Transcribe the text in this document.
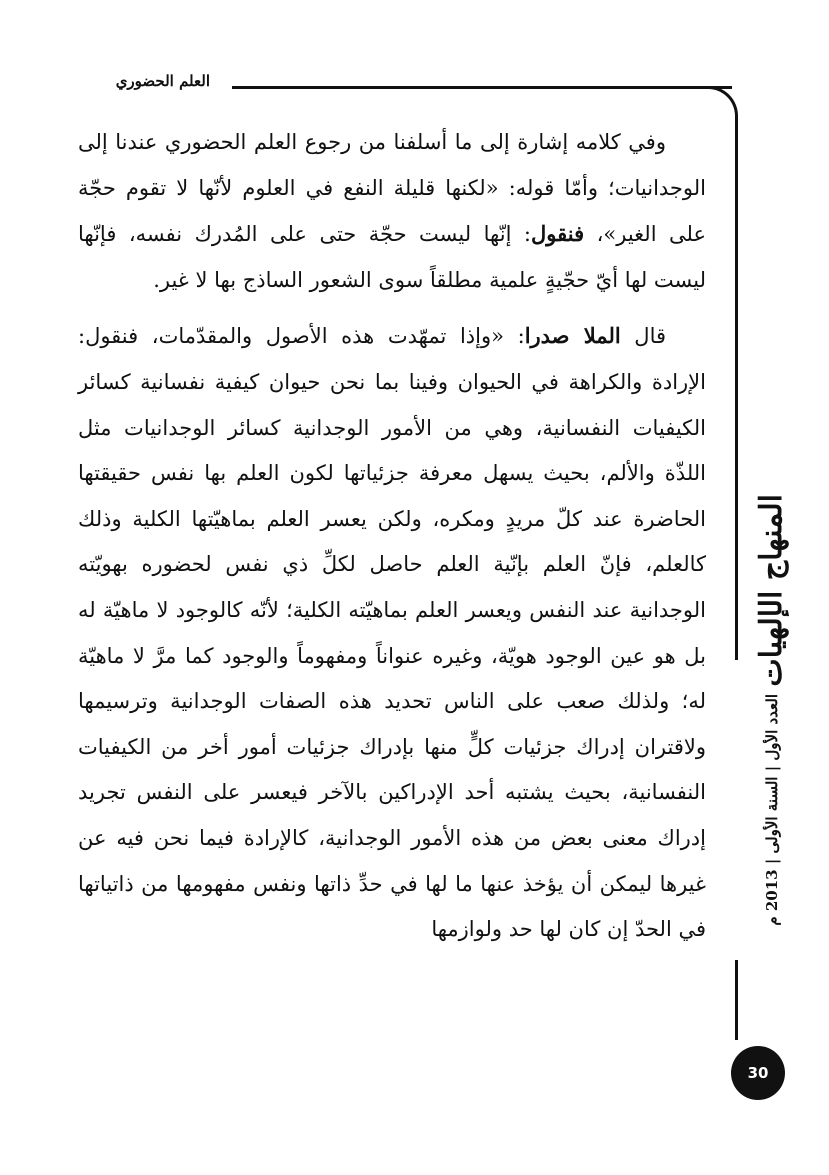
العلم الحضوري

وفي كلامه إشارة إلى ما أسلفنا من رجوع العلم الحضوري عندنا إلى الوجدانيات؛ وأمّا قوله: «لكنها قليلة النفع في العلوم لأنّها لا تقوم حجّة على الغير»، فنقول: إنّها ليست حجّة حتى على المُدرك نفسه، فإنّها ليست لها أيّ حجّيةٍ علمية مطلقاً سوى الشعور الساذج بها لا غير.

قال الملا صدرا: «وإذا تمهّدت هذه الأصول والمقدّمات، فنقول: الإرادة والكراهة في الحيوان وفينا بما نحن حيوان كيفية نفسانية كسائر الكيفيات النفسانية، وهي من الأمور الوجدانية كسائر الوجدانيات مثل اللذّة والألم، بحيث يسهل معرفة جزئياتها لكون العلم بها نفس حقيقتها الحاضرة عند كلّ مريدٍ ومكره، ولكن يعسر العلم بماهيّتها الكلية وذلك كالعلم، فإنّ العلم بإنّية العلم حاصل لكلِّ ذي نفس لحضوره بهويّته الوجدانية عند النفس ويعسر العلم بماهيّته الكلية؛ لأنّه كالوجود لا ماهيّة له بل هو عين الوجود هويّة، وغيره عنواناً ومفهوماً والوجود كما مرَّ لا ماهيّة له؛ ولذلك صعب على الناس تحديد هذه الصفات الوجدانية وترسيمها ولاقتران إدراك جزئيات كلٍّ منها بإدراك جزئيات أمور أخر من الكيفيات النفسانية، بحيث يشتبه أحد الإدراكين بالآخر فيعسر على النفس تجريد إدراك معنى بعض من هذه الأمور الوجدانية، كالإرادة فيما نحن فيه عن غيرها ليمكن أن يؤخذ عنها ما لها في حدِّ ذاتها ونفس مفهومها من ذاتياتها في الحدّ إن كان لها حد ولوازمها

المنهاج الإلهيات
العدد الأول | السنة الأولى | 2013 م
30
